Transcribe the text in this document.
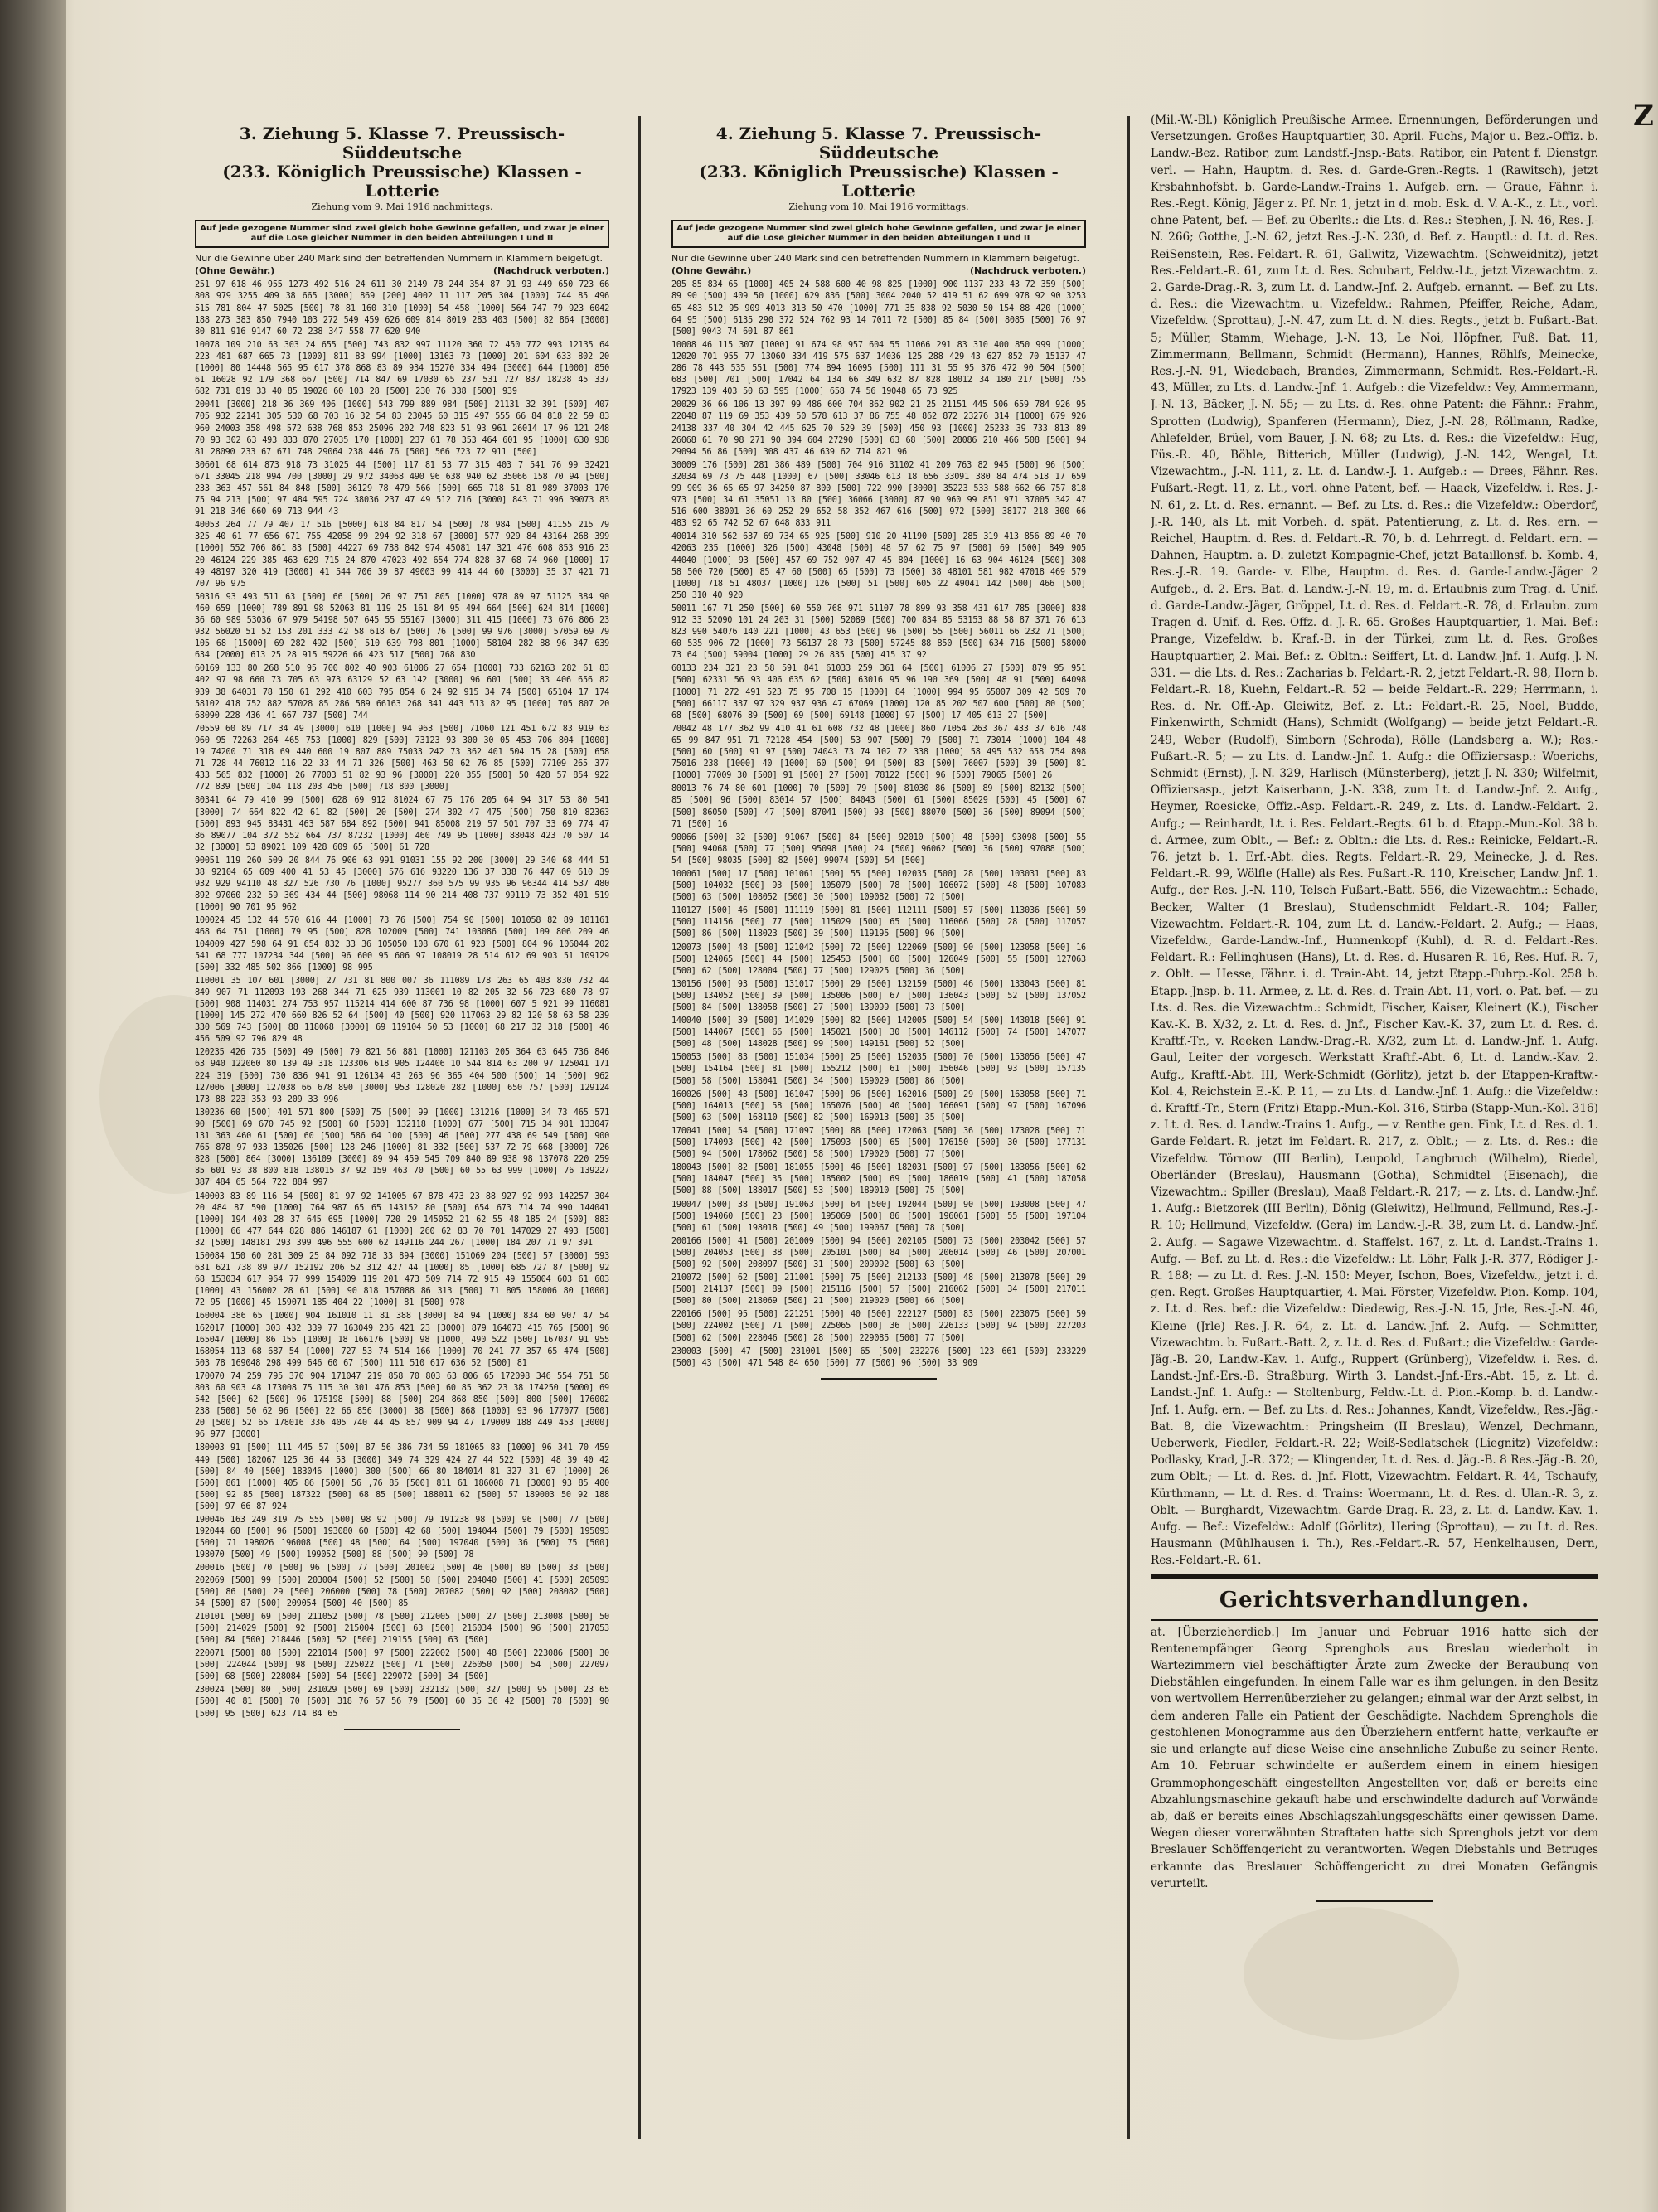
3. Ziehung 5. Klasse 7. Preussisch-Süddeutsche
(233. Königlich Preussische) Klassen - Lotterie
Ziehung vom 9. Mai 1916 nachmittags.
Auf jede gezogene Nummer sind zwei gleich hohe Gewinne gefallen, und zwar je einer auf die Lose gleicher Nummer in den beiden Abteilungen I und II
Nur die Gewinne über 240 Mark sind den betreffenden Nummern in Klammern beigefügt.
(Ohne Gewähr.)	(Nachdruck verboten.)
251 97 618 46 955 1273 492 516 24 611 30 2149 78 244 354 87 91 93 449 650 723 66 808 979 3255 409 38 665 [3000] 869 [200] 4002 11 117 205 304 [1000] 744 85 496 515 781 804 47 5025 [500] 78 81 160 310 [1000] 54 458 [1000] 564 747 79 923 6042 188 273 383 850 7940 103 272 549 459 626 609 814 8019 283 403 [500] 82 864 [3000] 80 811 916 9147 60 72 238 347 558 77 620 940
10078 109 210 63 303 24 655 [500] 743 832 997 11120 360 72 450 772 993 12135 64 223 481 687 665 73 [1000] 811 83 994 [1000] 13163 73 [1000] 201 604 633 802 20 [1000] 80 14448 565 95 617 378 868 83 89 934 15270 334 494 [3000] 644 [1000] 850 61 16028 92 179 368 667 [500] 714 847 69 17030 65 237 531 727 837 18238 45 337 682 731 819 33 40 85 19026 60 103 28 [500] 230 76 338 [500] 939
20041 [3000] 218 36 369 406 [1000] 543 799 889 984 [500] 21131 32 391 [500] 407 705 932 22141 305 530 68 703 16 32 54 83 23045 60 315 497 555 66 84 818 22 59 83 960 24003 358 498 572 638 768 853 25096 202 748 823 51 93 961 26014 17 96 121 248 70 93 302 63 493 833 870 27035 170 [1000] 237 61 78 353 464 601 95 [1000] 630 938 81 28090 233 67 671 748 29064 238 446 76 [500] 566 723 72 911 [500]
30601 68 614 873 918 73 31025 44 [500] 117 81 53 77 315 403 7 541 76 99 32421 671 33045 218 994 700 [3000] 29 972 34068 490 96 638 940 62 35066 158 70 94 [500] 233 363 457 561 84 848 [500] 36129 78 479 566 [500] 665 718 51 81 989 37003 170 75 94 213 [500] 97 484 595 724 38036 237 47 49 512 716 [3000] 843 71 996 39073 83 91 218 346 660 69 713 944 43
40053 264 77 79 407 17 516 [5000] 618 84 817 54 [500] 78 984 [500] 41155 215 79 325 40 61 77 656 671 755 42058 99 294 92 318 67 [3000] 577 929 84 43164 268 399 [1000] 552 706 861 83 [500] 44227 69 788 842 974 45081 147 321 476 608 853 916 23 20 46124 229 385 463 629 715 24 870 47023 492 654 774 828 37 68 74 960 [1000] 17 49 48197 320 419 [3000] 41 544 706 39 87 49003 99 414 44 60 [3000] 35 37 421 71 707 96 975
50316 93 493 511 63 [500] 66 [500] 26 97 751 805 [1000] 978 89 97 51125 384 90 460 659 [1000] 789 891 98 52063 81 119 25 161 84 95 494 664 [500] 624 814 [1000] 36 60 989 53036 67 979 54198 507 645 55 55167 [3000] 311 415 [1000] 73 676 806 23 932 56020 51 52 153 201 333 42 58 618 67 [500] 76 [500] 99 976 [3000] 57059 69 79 105 68 [15000] 69 282 492 [500] 510 639 798 801 [1000] 58104 282 88 96 347 639 634 [2000] 613 25 28 915 59226 66 423 517 [500] 768 830
60169 133 80 268 510 95 700 802 40 903 61006 27 654 [1000] 733 62163 282 61 83 402 97 98 660 73 705 63 973 63129 52 63 142 [3000] 96 601 [500] 33 406 656 82 939 38 64031 78 150 61 292 410 603 795 854 6 24 92 915 34 74 [500] 65104 17 174 58102 418 752 882 57028 85 286 589 66163 268 341 443 513 82 95 [1000] 705 807 20 68090 228 436 41 667 737 [500] 744
70559 60 89 717 34 49 [3000] 610 [1000] 94 963 [500] 71060 121 451 672 83 919 63 960 95 72263 264 465 753 [1000] 829 [500] 73123 93 300 30 05 453 706 804 [1000] 19 74200 71 318 69 440 600 19 807 889 75033 242 73 362 401 504 15 28 [500] 658 71 728 44 76012 116 22 33 44 71 326 [500] 463 50 62 76 85 [500] 77109 265 377 433 565 832 [1000] 26 77003 51 82 93 96 [3000] 220 355 [500] 50 428 57 854 922 772 839 [500] 104 118 203 456 [500] 718 800 [3000]
80341 64 79 410 99 [500] 628 69 912 81024 67 75 176 205 64 94 317 53 80 541 [3000] 74 664 822 42 61 82 [500] 20 [500] 274 302 47 475 [500] 750 810 82363 [500] 893 945 83431 463 587 684 892 [500] 941 85008 219 57 501 707 33 69 774 47 86 89077 104 372 552 664 737 87232 [1000] 460 749 95 [1000] 88048 423 70 507 14 32 [3000] 53 89021 109 428 609 65 [500] 61 728
90051 119 260 509 20 844 76 906 63 991 91031 155 92 200 [3000] 29 340 68 444 51 38 92104 65 609 400 41 53 45 [3000] 576 616 93220 136 37 338 76 447 69 610 39 932 929 94110 48 327 526 730 76 [1000] 95277 360 575 99 935 96 96344 414 537 480 892 97060 232 59 369 434 44 [500] 98068 114 90 214 408 737 99119 73 352 401 519 [1000] 90 701 95 962
100024 45 132 44 570 616 44 [1000] 73 76 [500] 754 90 [500] 101058 82 89 181161 468 64 751 [1000] 79 95 [500] 828 102009 [500] 741 103086 [500] 109 806 209 46 104009 427 598 64 91 654 832 33 36 105050 108 670 61 923 [500] 804 96 106044 202 541 68 777 107234 344 [500] 96 600 95 606 97 108019 28 514 612 69 903 51 109129 [500] 332 485 502 866 [1000] 98 995
110001 35 107 601 [3000] 27 731 81 800 007 36 111089 178 263 65 403 830 732 44 849 907 71 112093 193 268 344 71 625 939 113001 10 82 205 32 56 723 680 78 97 [500] 908 114031 274 753 957 115214 414 600 87 736 98 [1000] 607 5 921 99 116081 [1000] 145 272 470 660 826 52 64 [500] 40 [500] 920 117063 29 82 120 58 63 58 239 330 569 743 [500] 88 118068 [3000] 69 119104 50 53 [1000] 68 217 32 318 [500] 46 456 509 92 796 829 48
120235 426 735 [500] 49 [500] 79 821 56 881 [1000] 121103 205 364 63 645 736 846 63 940 122060 80 139 49 318 123306 618 905 124406 10 544 814 63 200 97 125041 171 224 319 [500] 730 836 941 91 126134 43 263 96 365 404 500 [500] 14 [500] 962 127006 [3000] 127038 66 678 890 [3000] 953 128020 282 [1000] 650 757 [500] 129124 173 88 223 353 93 209 33 996
130236 60 [500] 401 571 800 [500] 75 [500] 99 [1000] 131216 [1000] 34 73 465 571 90 [500] 69 670 745 92 [500] 60 [500] 132118 [1000] 677 [500] 715 34 981 133047 131 363 460 61 [500] 60 [500] 586 64 100 [500] 46 [500] 277 438 69 549 [500] 900 765 878 97 933 135026 [500] 128 246 [1000] 81 332 [500] 537 72 79 668 [3000] 726 828 [500] 864 [3000] 136109 [3000] 89 94 459 545 709 840 89 938 98 137078 220 259 85 601 93 38 800 818 138015 37 92 159 463 70 [500] 60 55 63 999 [1000] 76 139227 387 484 65 564 722 884 997
140003 83 89 116 54 [500] 81 97 92 141005 67 878 473 23 88 927 92 993 142257 304 20 484 87 590 [1000] 764 987 65 65 143152 80 [500] 654 673 714 74 990 144041 [1000] 194 403 28 37 645 695 [1000] 720 29 145052 21 62 55 48 185 24 [500] 883 [1000] 66 477 644 828 886 146187 61 [1000] 260 62 83 70 701 147029 27 493 [500] 32 [500] 148181 293 399 496 555 600 62 149116 244 267 [1000] 184 207 71 97 391
150084 150 60 281 309 25 84 092 718 33 894 [3000] 151069 204 [500] 57 [3000] 593 631 621 738 89 977 152192 206 52 312 427 44 [1000] 85 [1000] 685 727 87 [500] 92 68 153034 617 964 77 999 154009 119 201 473 509 714 72 915 49 155004 603 61 603 [1000] 43 156002 28 61 [500] 90 818 157088 86 313 [500] 71 805 158006 80 [1000] 72 95 [1000] 45 159071 185 404 22 [1000] 81 [500] 978
160004 386 65 [1000] 904 161010 11 81 388 [3000] 84 94 [1000] 834 60 907 47 54 162017 [1000] 303 432 339 77 163049 236 421 23 [3000] 879 164073 415 765 [500] 96 165047 [1000] 86 155 [1000] 18 166176 [500] 98 [1000] 490 522 [500] 167037 91 955 168054 113 68 687 54 [1000] 727 53 74 514 166 [1000] 70 241 77 357 65 474 [500] 503 78 169048 298 499 646 60 67 [500] 111 510 617 636 52 [500] 81
170070 74 259 795 370 904 171047 219 858 70 803 63 806 65 172098 346 554 751 58 803 60 903 48 173008 75 115 30 301 476 853 [500] 60 85 362 23 38 174250 [5000] 69 542 [500] 62 [500] 96 175198 [500] 88 [500] 294 868 850 [500] 800 [500] 176002 238 [500] 50 62 96 [500] 22 66 856 [3000] 38 [500] 868 [1000] 93 96 177077 [500] 20 [500] 52 65 178016 336 405 740 44 45 857 909 94 47 179009 188 449 453 [3000] 96 977 [3000]
180003 91 [500] 111 445 57 [500] 87 56 386 734 59 181065 83 [1000] 96 341 70 459 449 [500] 182067 125 36 44 53 [3000] 349 74 329 424 27 44 522 [500] 48 39 40 42 [500] 84 40 [500] 183046 [1000] 300 [500] 66 80 184014 81 327 31 67 [1000] 26 [500] 861 [1000] 405 86 [500] 56 ,76 85 [500] 811 61 186008 71 [3000] 93 85 400 [500] 92 85 [500] 187322 [500] 68 85 [500] 188011 62 [500] 57 189003 50 92 188 [500] 97 66 87 924
190046 163 249 319 75 555 [500] 98 92 [500] 79 191238 98 [500] 96 [500] 77 [500] 192044 60 [500] 96 [500] 193080 60 [500] 42 68 [500] 194044 [500] 79 [500] 195093 [500] 71 198026 196008 [500] 48 [500] 64 [500] 197040 [500] 36 [500] 75 [500] 198070 [500] 49 [500] 199052 [500] 88 [500] 90 [500] 78
200016 [500] 70 [500] 96 [500] 77 [500] 201002 [500] 46 [500] 80 [500] 33 [500] 202069 [500] 99 [500] 203004 [500] 52 [500] 58 [500] 204040 [500] 41 [500] 205093 [500] 86 [500] 29 [500] 206000 [500] 78 [500] 207082 [500] 92 [500] 208082 [500] 54 [500] 87 [500] 209054 [500] 40 [500] 85
210101 [500] 69 [500] 211052 [500] 78 [500] 212005 [500] 27 [500] 213008 [500] 50 [500] 214029 [500] 92 [500] 215004 [500] 63 [500] 216034 [500] 96 [500] 217053 [500] 84 [500] 218446 [500] 52 [500] 219155 [500] 63 [500]
220071 [500] 88 [500] 221014 [500] 97 [500] 222002 [500] 48 [500] 223086 [500] 30 [500] 224044 [500] 98 [500] 225022 [500] 71 [500] 226050 [500] 54 [500] 227097 [500] 68 [500] 228084 [500] 54 [500] 229072 [500] 34 [500]
230024 [500] 80 [500] 231029 [500] 69 [500] 232132 [500] 327 [500] 95 [500] 23 65 [500] 40 81 [500] 70 [500] 318 76 57 56 79 [500] 60 35 36 42 [500] 78 [500] 90 [500] 95 [500] 623 714 84 65
4. Ziehung 5. Klasse 7. Preussisch-Süddeutsche
(233. Königlich Preussische) Klassen - Lotterie
Ziehung vom 10. Mai 1916 vormittags.
Auf jede gezogene Nummer sind zwei gleich hohe Gewinne gefallen, und zwar je einer auf die Lose gleicher Nummer in den beiden Abteilungen I und II
Nur die Gewinne über 240 Mark sind den betreffenden Nummern in Klammern beigefügt.
(Ohne Gewähr.)	(Nachdruck verboten.)
205 85 834 65 [1000] 405 24 588 600 40 98 825 [1000] 900 1137 233 43 72 359 [500] 89 90 [500] 409 50 [1000] 629 836 [500] 3004 2040 52 419 51 62 699 978 92 90 3253 65 483 512 95 909 4013 313 50 470 [1000] 771 35 838 92 5030 50 154 88 420 [1000] 64 95 [500] 6135 290 372 524 762 93 14 7011 72 [500] 85 84 [500] 8085 [500] 76 97 [500] 9043 74 601 87 861
10008 46 115 307 [1000] 91 674 98 957 604 55 11066 291 83 310 400 850 999 [1000] 12020 701 955 77 13060 334 419 575 637 14036 125 288 429 43 627 852 70 15137 47 286 78 443 535 551 [500] 774 894 16095 [500] 111 31 55 95 376 472 90 504 [500] 683 [500] 701 [500] 17042 64 134 66 349 632 87 828 18012 34 180 217 [500] 755 17923 139 403 50 63 595 [1000] 658 74 56 19048 65 73 925
20029 36 66 106 13 397 99 486 600 704 862 902 21 25 21151 445 506 659 784 926 95 22048 87 119 69 353 439 50 578 613 37 86 755 48 862 872 23276 314 [1000] 679 926 24138 337 40 304 42 445 625 70 529 39 [500] 450 93 [1000] 25233 39 733 813 89 26068 61 70 98 271 90 394 604 27290 [500] 63 68 [500] 28086 210 466 508 [500] 94 29094 56 86 [500] 308 437 46 639 62 714 821 96
30009 176 [500] 281 386 489 [500] 704 916 31102 41 209 763 82 945 [500] 96 [500] 32034 69 73 75 448 [1000] 67 [500] 33046 613 18 656 33091 380 84 474 518 17 659 99 909 36 65 65 97 34250 87 800 [500] 722 990 [3000] 35223 533 588 662 66 757 818 973 [500] 34 61 35051 13 80 [500] 36066 [3000] 87 90 960 99 851 971 37005 342 47 516 600 38001 36 60 252 29 652 58 352 467 616 [500] 972 [500] 38177 218 300 66 483 92 65 742 52 67 648 833 911
40014 310 562 637 69 734 65 925 [500] 910 20 41190 [500] 285 319 413 856 89 40 70 42063 235 [1000] 326 [500] 43048 [500] 48 57 62 75 97 [500] 69 [500] 849 905 44040 [1000] 93 [500] 457 69 752 907 47 45 804 [1000] 16 63 904 46124 [500] 308 58 500 720 [500] 85 47 60 [500] 65 [500] 73 [500] 38 48101 581 982 47018 469 579 [1000] 718 51 48037 [1000] 126 [500] 51 [500] 605 22 49041 142 [500] 466 [500] 250 310 40 920
50011 167 71 250 [500] 60 550 768 971 51107 78 899 93 358 431 617 785 [3000] 838 912 33 52090 101 24 203 31 [500] 52089 [500] 700 834 85 53153 88 58 87 371 76 613 823 990 54076 140 221 [1000] 43 653 [500] 96 [500] 55 [500] 56011 66 232 71 [500] 60 535 906 72 [1000] 73 56137 28 73 [500] 57245 88 850 [500] 634 716 [500] 58000 73 64 [500] 59004 [1000] 29 26 835 [500] 415 37 92
60133 234 321 23 58 591 841 61033 259 361 64 [500] 61006 27 [500] 879 95 951 [500] 62331 56 93 406 635 62 [500] 63016 95 96 190 369 [500] 48 91 [500] 64098 [1000] 71 272 491 523 75 95 708 15 [1000] 84 [1000] 994 95 65007 309 42 509 70 [500] 66117 337 97 329 937 936 47 67069 [1000] 120 85 202 507 600 [500] 80 [500] 68 [500] 68076 89 [500] 69 [500] 69148 [1000] 97 [500] 17 405 613 27 [500]
70042 48 177 362 99 410 41 61 608 732 48 [1000] 860 71054 263 367 433 37 616 748 65 99 847 951 71 72128 454 [500] 53 907 [500] 79 [500] 71 73014 [1000] 104 48 [500] 60 [500] 91 97 [500] 74043 73 74 102 72 338 [1000] 58 495 532 658 754 898 75016 238 [1000] 40 [1000] 60 [500] 94 [500] 83 [500] 76007 [500] 39 [500] 81 [1000] 77009 30 [500] 91 [500] 27 [500] 78122 [500] 96 [500] 79065 [500] 26
80013 76 74 80 601 [1000] 70 [500] 79 [500] 81030 86 [500] 89 [500] 82132 [500] 85 [500] 96 [500] 83014 57 [500] 84043 [500] 61 [500] 85029 [500] 45 [500] 67 [500] 86050 [500] 47 [500] 87041 [500] 93 [500] 88070 [500] 36 [500] 89094 [500] 71 [500] 16
90066 [500] 32 [500] 91067 [500] 84 [500] 92010 [500] 48 [500] 93098 [500] 55 [500] 94068 [500] 77 [500] 95098 [500] 24 [500] 96062 [500] 36 [500] 97088 [500] 54 [500] 98035 [500] 82 [500] 99074 [500] 54 [500]
100061 [500] 17 [500] 101061 [500] 55 [500] 102035 [500] 28 [500] 103031 [500] 83 [500] 104032 [500] 93 [500] 105079 [500] 78 [500] 106072 [500] 48 [500] 107083 [500] 63 [500] 108052 [500] 30 [500] 109082 [500] 72 [500]
110127 [500] 46 [500] 111119 [500] 81 [500] 112111 [500] 57 [500] 113036 [500] 59 [500] 114156 [500] 77 [500] 115029 [500] 65 [500] 116066 [500] 28 [500] 117057 [500] 86 [500] 118023 [500] 39 [500] 119195 [500] 96 [500]
120073 [500] 48 [500] 121042 [500] 72 [500] 122069 [500] 90 [500] 123058 [500] 16 [500] 124065 [500] 44 [500] 125453 [500] 60 [500] 126049 [500] 55 [500] 127063 [500] 62 [500] 128004 [500] 77 [500] 129025 [500] 36 [500]
130156 [500] 93 [500] 131017 [500] 29 [500] 132159 [500] 46 [500] 133043 [500] 81 [500] 134052 [500] 39 [500] 135006 [500] 67 [500] 136043 [500] 52 [500] 137052 [500] 84 [500] 138058 [500] 27 [500] 139099 [500] 73 [500]
140040 [500] 39 [500] 141029 [500] 82 [500] 142005 [500] 54 [500] 143018 [500] 91 [500] 144067 [500] 66 [500] 145021 [500] 30 [500] 146112 [500] 74 [500] 147077 [500] 48 [500] 148028 [500] 99 [500] 149161 [500] 52 [500]
150053 [500] 83 [500] 151034 [500] 25 [500] 152035 [500] 70 [500] 153056 [500] 47 [500] 154164 [500] 81 [500] 155212 [500] 61 [500] 156046 [500] 93 [500] 157135 [500] 58 [500] 158041 [500] 34 [500] 159029 [500] 86 [500]
160026 [500] 43 [500] 161047 [500] 96 [500] 162016 [500] 29 [500] 163058 [500] 71 [500] 164013 [500] 58 [500] 165076 [500] 40 [500] 166091 [500] 97 [500] 167096 [500] 63 [500] 168110 [500] 82 [500] 169013 [500] 35 [500]
170041 [500] 54 [500] 171097 [500] 88 [500] 172063 [500] 36 [500] 173028 [500] 71 [500] 174093 [500] 42 [500] 175093 [500] 65 [500] 176150 [500] 30 [500] 177131 [500] 94 [500] 178062 [500] 58 [500] 179020 [500] 77 [500]
180043 [500] 82 [500] 181055 [500] 46 [500] 182031 [500] 97 [500] 183056 [500] 62 [500] 184047 [500] 35 [500] 185002 [500] 69 [500] 186019 [500] 41 [500] 187058 [500] 88 [500] 188017 [500] 53 [500] 189010 [500] 75 [500]
190047 [500] 38 [500] 191063 [500] 64 [500] 192044 [500] 90 [500] 193008 [500] 47 [500] 194060 [500] 23 [500] 195069 [500] 86 [500] 196061 [500] 55 [500] 197104 [500] 61 [500] 198018 [500] 49 [500] 199067 [500] 78 [500]
200166 [500] 41 [500] 201009 [500] 94 [500] 202105 [500] 73 [500] 203042 [500] 57 [500] 204053 [500] 38 [500] 205101 [500] 84 [500] 206014 [500] 46 [500] 207001 [500] 92 [500] 208097 [500] 31 [500] 209092 [500] 63 [500]
210072 [500] 62 [500] 211001 [500] 75 [500] 212133 [500] 48 [500] 213078 [500] 29 [500] 214137 [500] 89 [500] 215116 [500] 57 [500] 216062 [500] 34 [500] 217011 [500] 80 [500] 218069 [500] 21 [500] 219020 [500] 66 [500]
220166 [500] 95 [500] 221251 [500] 40 [500] 222127 [500] 83 [500] 223075 [500] 59 [500] 224002 [500] 71 [500] 225065 [500] 36 [500] 226133 [500] 94 [500] 227203 [500] 62 [500] 228046 [500] 28 [500] 229085 [500] 77 [500]
230003 [500] 47 [500] 231001 [500] 65 [500] 232276 [500] 123 661 [500] 233229 [500] 43 [500] 471 548 84 650 [500] 77 [500] 96 [500] 33 909
(Mil.-W.-Bl.) Königlich Preußische Armee. Ernennungen, Beförderungen und Versetzungen. Großes Hauptquartier, 30. April. Fuchs, Major u. Bez.-Offiz. b. Landw.-Bez. Ratibor, zum Landstf.-Jnsp.-Bats. Ratibor, ein Patent f. Dienstgr. verl. — Hahn, Hauptm. d. Res. d. Garde-Gren.-Regts. 1 (Rawitsch), jetzt Krsbahnhofsbt. b. Garde-Landw.-Trains 1. Aufgeb. ern. — Graue, Fähnr. i. Res.-Regt. König, Jäger z. Pf. Nr. 1, jetzt in d. mob. Esk. d. V. A.-K., z. Lt., vorl. ohne Patent, bef. — Bef. zu Oberlts.: die Lts. d. Res.: Stephen, J.-N. 46, Res.-J.-N. 266; Gotthe, J.-N. 62, jetzt Res.-J.-N. 230, d. Bef. z. Hauptl.: d. Lt. d. Res. ReiSenstein, Res.-Feldart.-R. 61, Gallwitz, Vizewachtm. (Schweidnitz), jetzt Res.-Feldart.-R. 61, zum Lt. d. Res. Schubart, Feldw.-Lt., jetzt Vizewachtm. z. 2. Garde-Drag.-R. 3, zum Lt. d. Landw.-Jnf. 2. Aufgeb. ernannt. — Bef. zu Lts. d. Res.: die Vizewachtm. u. Vizefeldw.: Rahmen, Pfeiffer, Reiche, Adam, Vizefeldw. (Sprottau), J.-N. 47, zum Lt. d. N. dies. Regts., jetzt b. Fußart.-Bat. 5; Müller, Stamm, Wiehage, J.-N. 13, Le Noi, Höpfner, Fuß. Bat. 11, Zimmermann, Bellmann, Schmidt (Hermann), Hannes, Röhlfs, Meinecke, Res.-J.-N. 91, Wiedebach, Brandes, Zimmermann, Schmidt. Res.-Feldart.-R. 43, Müller, zu Lts. d. Landw.-Jnf. 1. Aufgeb.: die Vizefeldw.: Vey, Ammermann, J.-N. 13, Bäcker, J.-N. 55; — zu Lts. d. Res. ohne Patent: die Fähnr.: Frahm, Sprotten (Ludwig), Spanferen (Hermann), Diez, J.-N. 28, Röllmann, Radke, Ahlefelder, Brüel, vom Bauer, J.-N. 68; zu Lts. d. Res.: die Vizefeldw.: Hug, Füs.-R. 40, Böhle, Bitterich, Müller (Ludwig), J.-N. 142, Wengel, Lt. Vizewachtm., J.-N. 111, z. Lt. d. Landw.-J. 1. Aufgeb.: — Drees, Fähnr. Res. Fußart.-Regt. 11, z. Lt., vorl. ohne Patent, bef. — Haack, Vizefeldw. i. Res. J.-N. 61, z. Lt. d. Res. ernannt. — Bef. zu Lts. d. Res.: die Vizefeldw.: Oberdorf, J.-R. 140, als Lt. mit Vorbeh. d. spät. Patentierung, z. Lt. d. Res. ern. — Reichel, Hauptm. d. Res. d. Feldart.-R. 70, b. d. Lehrregt. d. Feldart. ern. — Dahnen, Hauptm. a. D. zuletzt Kompagnie-Chef, jetzt Bataillonsf. b. Komb. 4, Res.-J.-R. 19. Garde- v. Elbe, Hauptm. d. Res. d. Garde-Landw.-Jäger 2 Aufgeb., d. 2. Ers. Bat. d. Landw.-J.-N. 19, m. d. Erlaubnis zum Trag. d. Unif. d. Garde-Landw.-Jäger, Gröppel, Lt. d. Res. d. Feldart.-R. 78, d. Erlaubn. zum Tragen d. Unif. d. Res.-Offz. d. J.-R. 65. Großes Hauptquartier, 1. Mai. Bef.: Prange, Vizefeldw. b. Kraf.-B. in der Türkei, zum Lt. d. Res. Großes Hauptquartier, 2. Mai. Bef.: z. Obltn.: Seiffert, Lt. d. Landw.-Jnf. 1. Aufg. J.-N. 331. — die Lts. d. Res.: Zacharias b. Feldart.-R. 2, jetzt Feldart.-R. 98, Horn b. Feldart.-R. 18, Kuehn, Feldart.-R. 52 — beide Feldart.-R. 229; Herrmann, i. Res. d. Nr. Off.-Ap. Gleiwitz, Bef. z. Lt.: Feldart.-R. 25, Noel, Budde, Finkenwirth, Schmidt (Hans), Schmidt (Wolfgang) — beide jetzt Feldart.-R. 249, Weber (Rudolf), Simborn (Schroda), Rölle (Landsberg a. W.); Res.-Fußart.-R. 5; — zu Lts. d. Landw.-Jnf. 1. Aufg.: die Offiziersasp.: Woerichs, Schmidt (Ernst), J.-N. 329, Harlisch (Münsterberg), jetzt J.-N. 330; Wilfelmit, Offiziersasp., jetzt Kaiserbann, J.-N. 338, zum Lt. d. Landw.-Jnf. 2. Aufg., Heymer, Roesicke, Offiz.-Asp. Feldart.-R. 249, z. Lts. d. Landw.-Feldart. 2. Aufg.; — Reinhardt, Lt. i. Res. Feldart.-Regts. 61 b. d. Etapp.-Mun.-Kol. 38 b. d. Armee, zum Oblt., — Bef.: z. Obltn.: die Lts. d. Res.: Reinicke, Feldart.-R. 76, jetzt b. 1. Erf.-Abt. dies. Regts. Feldart.-R. 29, Meinecke, J. d. Res. Feldart.-R. 99, Wölfle (Halle) als Res. Fußart.-R. 110, Kreischer, Landw. Jnf. 1. Aufg., der Res. J.-N. 110, Telsch Fußart.-Batt. 556, die Vizewachtm.: Schade, Becker, Walter (1 Breslau), Studenschmidt Feldart.-R. 104; Faller, Vizewachtm. Feldart.-R. 104, zum Lt. d. Landw.-Feldart. 2. Aufg.; — Haas, Vizefeldw., Garde-Landw.-Inf., Hunnenkopf (Kuhl), d. R. d. Feldart.-Res. Feldart.-R.: Fellinghusen (Hans), Lt. d. Res. d. Husaren-R. 16, Res.-Huf.-R. 7, z. Oblt. — Hesse, Fähnr. i. d. Train-Abt. 14, jetzt Etapp.-Fuhrp.-Kol. 258 b. Etapp.-Jnsp. b. 11. Armee, z. Lt. d. Res. d. Train-Abt. 11, vorl. o. Pat. bef. — zu Lts. d. Res. die Vizewachtm.: Schmidt, Fischer, Kaiser, Kleinert (K.), Fischer Kav.-K. B. X/32, z. Lt. d. Res. d. Jnf., Fischer Kav.-K. 37, zum Lt. d. Res. d. Kraftf.-Tr., v. Reeken Landw.-Drag.-R. X/32, zum Lt. d. Landw.-Jnf. 1. Aufg. Gaul, Leiter der vorgesch. Werkstatt Kraftf.-Abt. 6, Lt. d. Landw.-Kav. 2. Aufg., Kraftf.-Abt. III, Werk-Schmidt (Görlitz), jetzt b. der Etappen-Kraftw.-Kol. 4, Reichstein E.-K. P. 11, — zu Lts. d. Landw.-Jnf. 1. Aufg.: die Vizefeldw.: d. Kraftf.-Tr., Stern (Fritz) Etapp.-Mun.-Kol. 316, Stirba (Stapp-Mun.-Kol. 316) z. Lt. d. Res. d. Landw.-Trains 1. Aufg., — v. Renthe gen. Fink, Lt. d. Res. d. 1. Garde-Feldart.-R. jetzt im Feldart.-R. 217, z. Oblt.; — z. Lts. d. Res.: die Vizefeldw. Törnow (III Berlin), Leupold, Langbruch (Wilhelm), Riedel, Oberländer (Breslau), Hausmann (Gotha), Schmidtel (Eisenach), die Vizewachtm.: Spiller (Breslau), Maaß Feldart.-R. 217; — z. Lts. d. Landw.-Jnf. 1. Aufg.: Bietzorek (III Berlin), Dönig (Gleiwitz), Hellmund, Fellmund, Res.-J.-R. 10; Hellmund, Vizefeldw. (Gera) im Landw.-J.-R. 38, zum Lt. d. Landw.-Jnf. 2. Aufg. — Sagawe Vizewachtm. d. Staffelst. 167, z. Lt. d. Landst.-Trains 1. Aufg. — Bef. zu Lt. d. Res.: die Vizefeldw.: Lt. Löhr, Falk J.-R. 377, Rödiger J.-R. 188; — zu Lt. d. Res. J.-N. 150: Meyer, Ischon, Boes, Vizefeldw., jetzt i. d. gen. Regt. Großes Hauptquartier, 4. Mai. Förster, Vizefeldw. Pion.-Komp. 104, z. Lt. d. Res. bef.: die Vizefeldw.: Diedewig, Res.-J.-N. 15, Jrle, Res.-J.-N. 46, Kleine (Jrle) Res.-J.-R. 64, z. Lt. d. Landw.-Jnf. 2. Aufg. — Schmitter, Vizewachtm. b. Fußart.-Batt. 2, z. Lt. d. Res. d. Fußart.; die Vizefeldw.: Garde-Jäg.-B. 20, Landw.-Kav. 1. Aufg., Ruppert (Grünberg), Vizefeldw. i. Res. d. Landst.-Jnf.-Ers.-B. Straßburg, Wirth 3. Landst.-Jnf.-Ers.-Abt. 15, z. Lt. d. Landst.-Jnf. 1. Aufg.: — Stoltenburg, Feldw.-Lt. d. Pion.-Komp. b. d. Landw.-Jnf. 1. Aufg. ern. — Bef. zu Lts. d. Res.: Johannes, Kandt, Vizefeldw., Res.-Jäg.-Bat. 8, die Vizewachtm.: Pringsheim (II Breslau), Wenzel, Dechmann, Ueberwerk, Fiedler, Feldart.-R. 22; Weiß-Sedlatschek (Liegnitz) Vizefeldw.: Podlasky, Krad, J.-R. 372; — Klingender, Lt. d. Res. d. Jäg.-B. 8 Res.-Jäg.-B. 20, zum Oblt.; — Lt. d. Res. d. Jnf. Flott, Vizewachtm. Feldart.-R. 44, Tschaufy, Kürthmann, — Lt. d. Res. d. Trains: Woermann, Lt. d. Res. d. Ulan.-R. 3, z. Oblt. — Burghardt, Vizewachtm. Garde-Drag.-R. 23, z. Lt. d. Landw.-Kav. 1. Aufg. — Bef.: Vizefeldw.: Adolf (Görlitz), Hering (Sprottau), — zu Lt. d. Res. Hausmann (Mühlhausen i. Th.), Res.-Feldart.-R. 57, Henkelhausen, Dern, Res.-Feldart.-R. 61.
Gerichtsverhandlungen.
at. [Überzieherdieb.] Im Januar und Februar 1916 hatte sich der Rentenempfänger Georg Sprenghols aus Breslau wiederholt in Wartezimmern viel beschäftigter Ärzte zum Zwecke der Beraubung von Diebstählen eingefunden. In einem Falle war es ihm gelungen, in den Besitz von wertvollem Herrenüberzieher zu gelangen; einmal war der Arzt selbst, in dem anderen Falle ein Patient der Geschädigte. Nachdem Sprenghols die gestohlenen Monogramme aus den Überziehern entfernt hatte, verkaufte er sie und erlangte auf diese Weise eine ansehnliche Zubuße zu seiner Rente. Am 10. Februar schwindelte er außerdem einem in einem hiesigen Grammophongeschäft eingestellten Angestellten vor, daß er bereits eine Abzahlungsmaschine gekauft habe und erschwindelte dadurch auf Vorwände ab, daß er bereits eines Abschlagszahlungsgeschäfts einer gewissen Dame. Wegen dieser vorerwähnten Straftaten hatte sich Sprenghols jetzt vor dem Breslauer Schöffengericht zu verantworten. Wegen Diebstahls und Betruges erkannte das Breslauer Schöffengericht zu drei Monaten Gefängnis verurteilt.
Z
